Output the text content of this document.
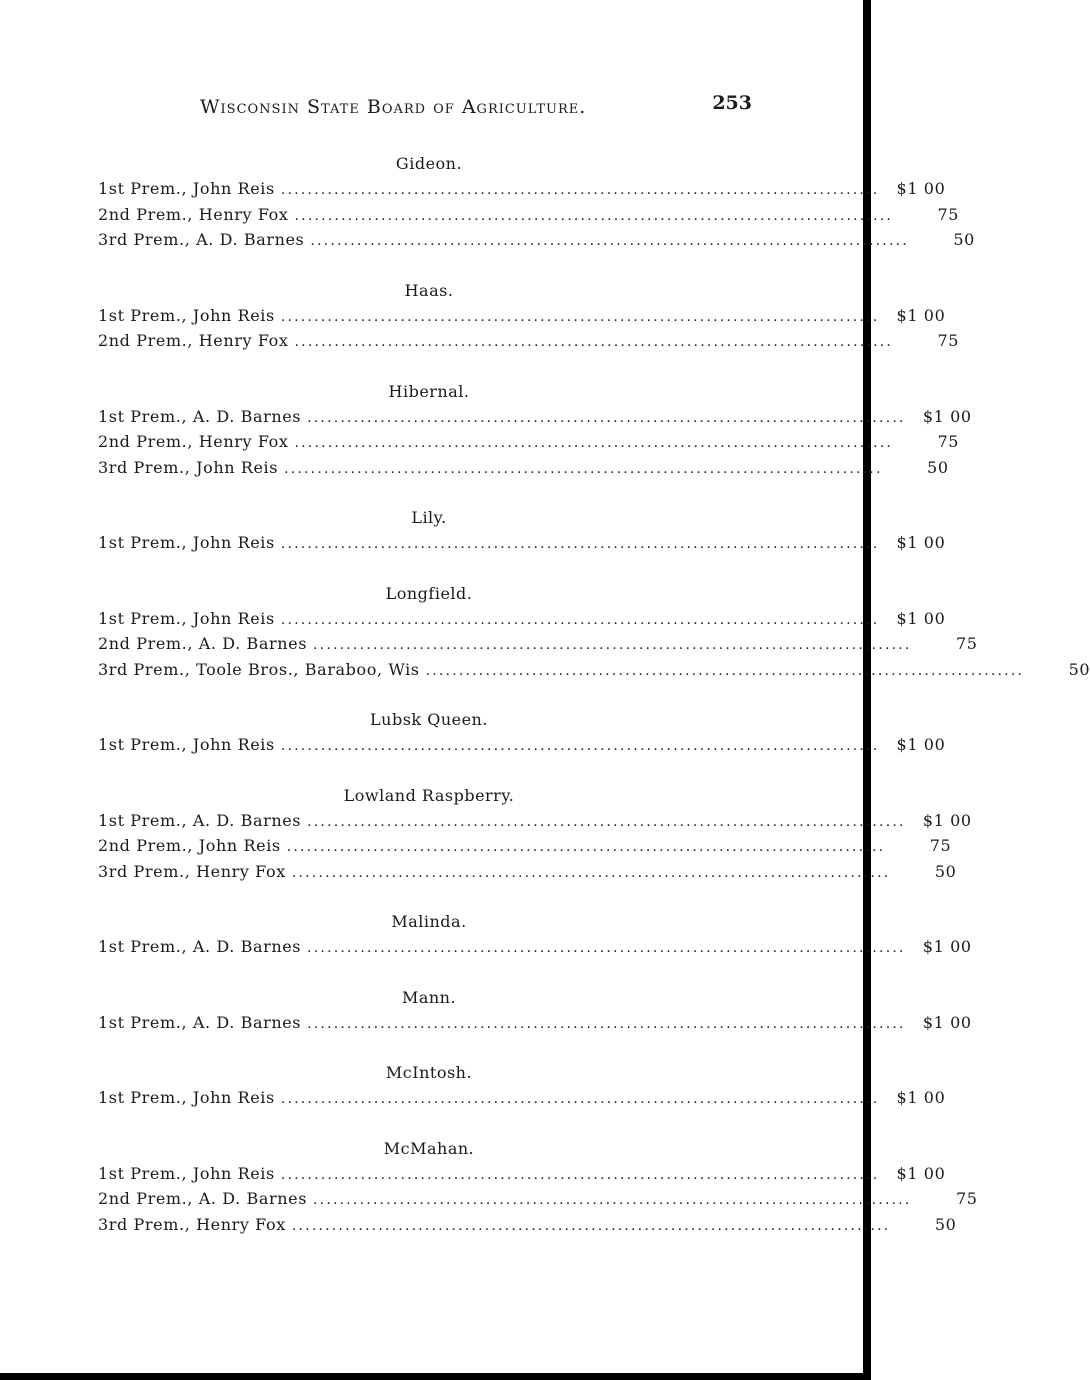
Wisconsin State Board of Agriculture.	253
Gideon.
1st Prem., John Reis ..........................................................................................	$1 00
2nd Prem., Henry Fox ..........................................................................................	75
3rd Prem., A. D. Barnes ..........................................................................................	50
Haas.
1st Prem., John Reis ..........................................................................................	$1 00
2nd Prem., Henry Fox ..........................................................................................	75
Hibernal.
1st Prem., A. D. Barnes ..........................................................................................	$1 00
2nd Prem., Henry Fox ..........................................................................................	75
3rd Prem., John Reis ..........................................................................................	50
Lily.
1st Prem., John Reis ..........................................................................................	$1 00
Longfield.
1st Prem., John Reis ..........................................................................................	$1 00
2nd Prem., A. D. Barnes ..........................................................................................	75
3rd Prem., Toole Bros., Baraboo, Wis ..........................................................................................	50
Lubsk Queen.
1st Prem., John Reis ..........................................................................................	$1 00
Lowland Raspberry.
1st Prem., A. D. Barnes ..........................................................................................	$1 00
2nd Prem., John Reis ..........................................................................................	75
3rd Prem., Henry Fox ..........................................................................................	50
Malinda.
1st Prem., A. D. Barnes ..........................................................................................	$1 00
Mann.
1st Prem., A. D. Barnes ..........................................................................................	$1 00
McIntosh.
1st Prem., John Reis ..........................................................................................	$1 00
McMahan.
1st Prem., John Reis ..........................................................................................	$1 00
2nd Prem., A. D. Barnes ..........................................................................................	75
3rd Prem., Henry Fox ..........................................................................................	50
